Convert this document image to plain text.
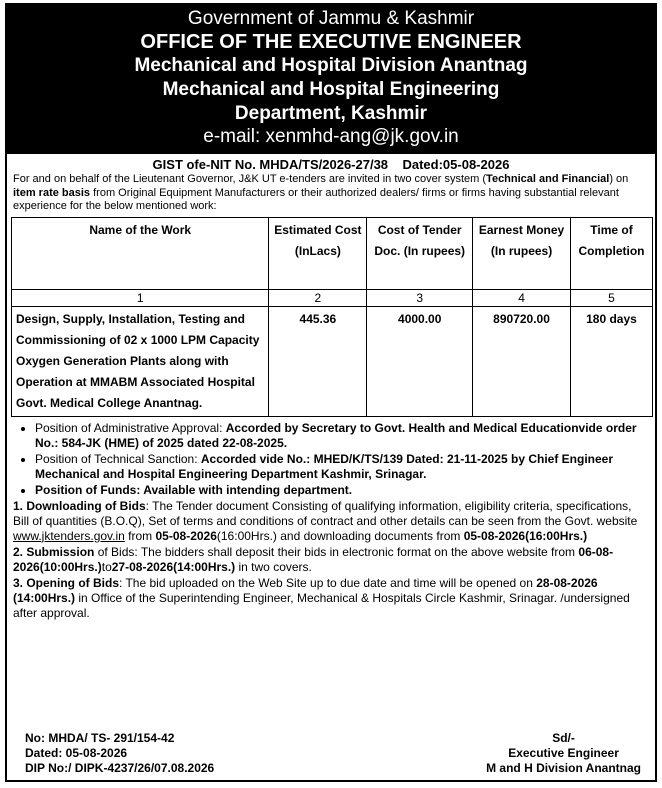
Government of Jammu & Kashmir
OFFICE OF THE EXECUTIVE ENGINEER
Mechanical and Hospital Division Anantnag
Mechanical and Hospital Engineering
Department, Kashmir
e-mail: xenmhd-ang@jk.gov.in
GIST ofe-NIT No. MHDA/TS/2026-27/38    Dated:05-08-2026
For and on behalf of the Lieutenant Governor, J&K UT e-tenders are invited in two cover system (Technical and Financial) on item rate basis from Original Equipment Manufacturers or their authorized dealers/ firms or firms having substantial relevant experience for the below mentioned work:
Name of the Work	Estimated Cost (InLacs)	Cost of Tender Doc. (In rupees)	Earnest Money (In rupees)	Time of Completion
1	2	3	4	5
Design, Supply, Installation, Testing and Commissioning of 02 x 1000 LPM Capacity Oxygen Generation Plants along with Operation at MMABM Associated Hospital Govt. Medical College Anantnag.	445.36	4000.00	890720.00	180 days
• Position of Administrative Approval: Accorded by Secretary to Govt. Health and Medical Educationvide order No.: 584-JK (HME) of 2025 dated 22-08-2025.
• Position of Technical Sanction: Accorded vide No.: MHED/K/TS/139 Dated: 21-11-2025 by Chief Engineer Mechanical and Hospital Engineering Department Kashmir, Srinagar.
• Position of Funds: Available with intending department.
1. Downloading of Bids: The Tender document Consisting of qualifying information, eligibility criteria, specifications, Bill of quantities (B.O.Q), Set of terms and conditions of contract and other details can be seen from the Govt. website www.jktenders.gov.in from 05-08-2026(16:00Hrs.) and downloading documents from 05-08-2026(16:00Hrs.)
2. Submission of Bids: The bidders shall deposit their bids in electronic format on the above website from 06-08-2026(10:00Hrs.)to27-08-2026(14:00Hrs.) in two covers.
3. Opening of Bids: The bid uploaded on the Web Site up to due date and time will be opened on 28-08-2026 (14:00Hrs.) in Office of the Superintending Engineer, Mechanical & Hospitals Circle Kashmir, Srinagar. /undersigned after approval.
No: MHDA/ TS- 291/154-42
Dated: 05-08-2026
DIP No:/ DIPK-4237/26/07.08.2026
Sd/-
Executive Engineer
M and H Division Anantnag
